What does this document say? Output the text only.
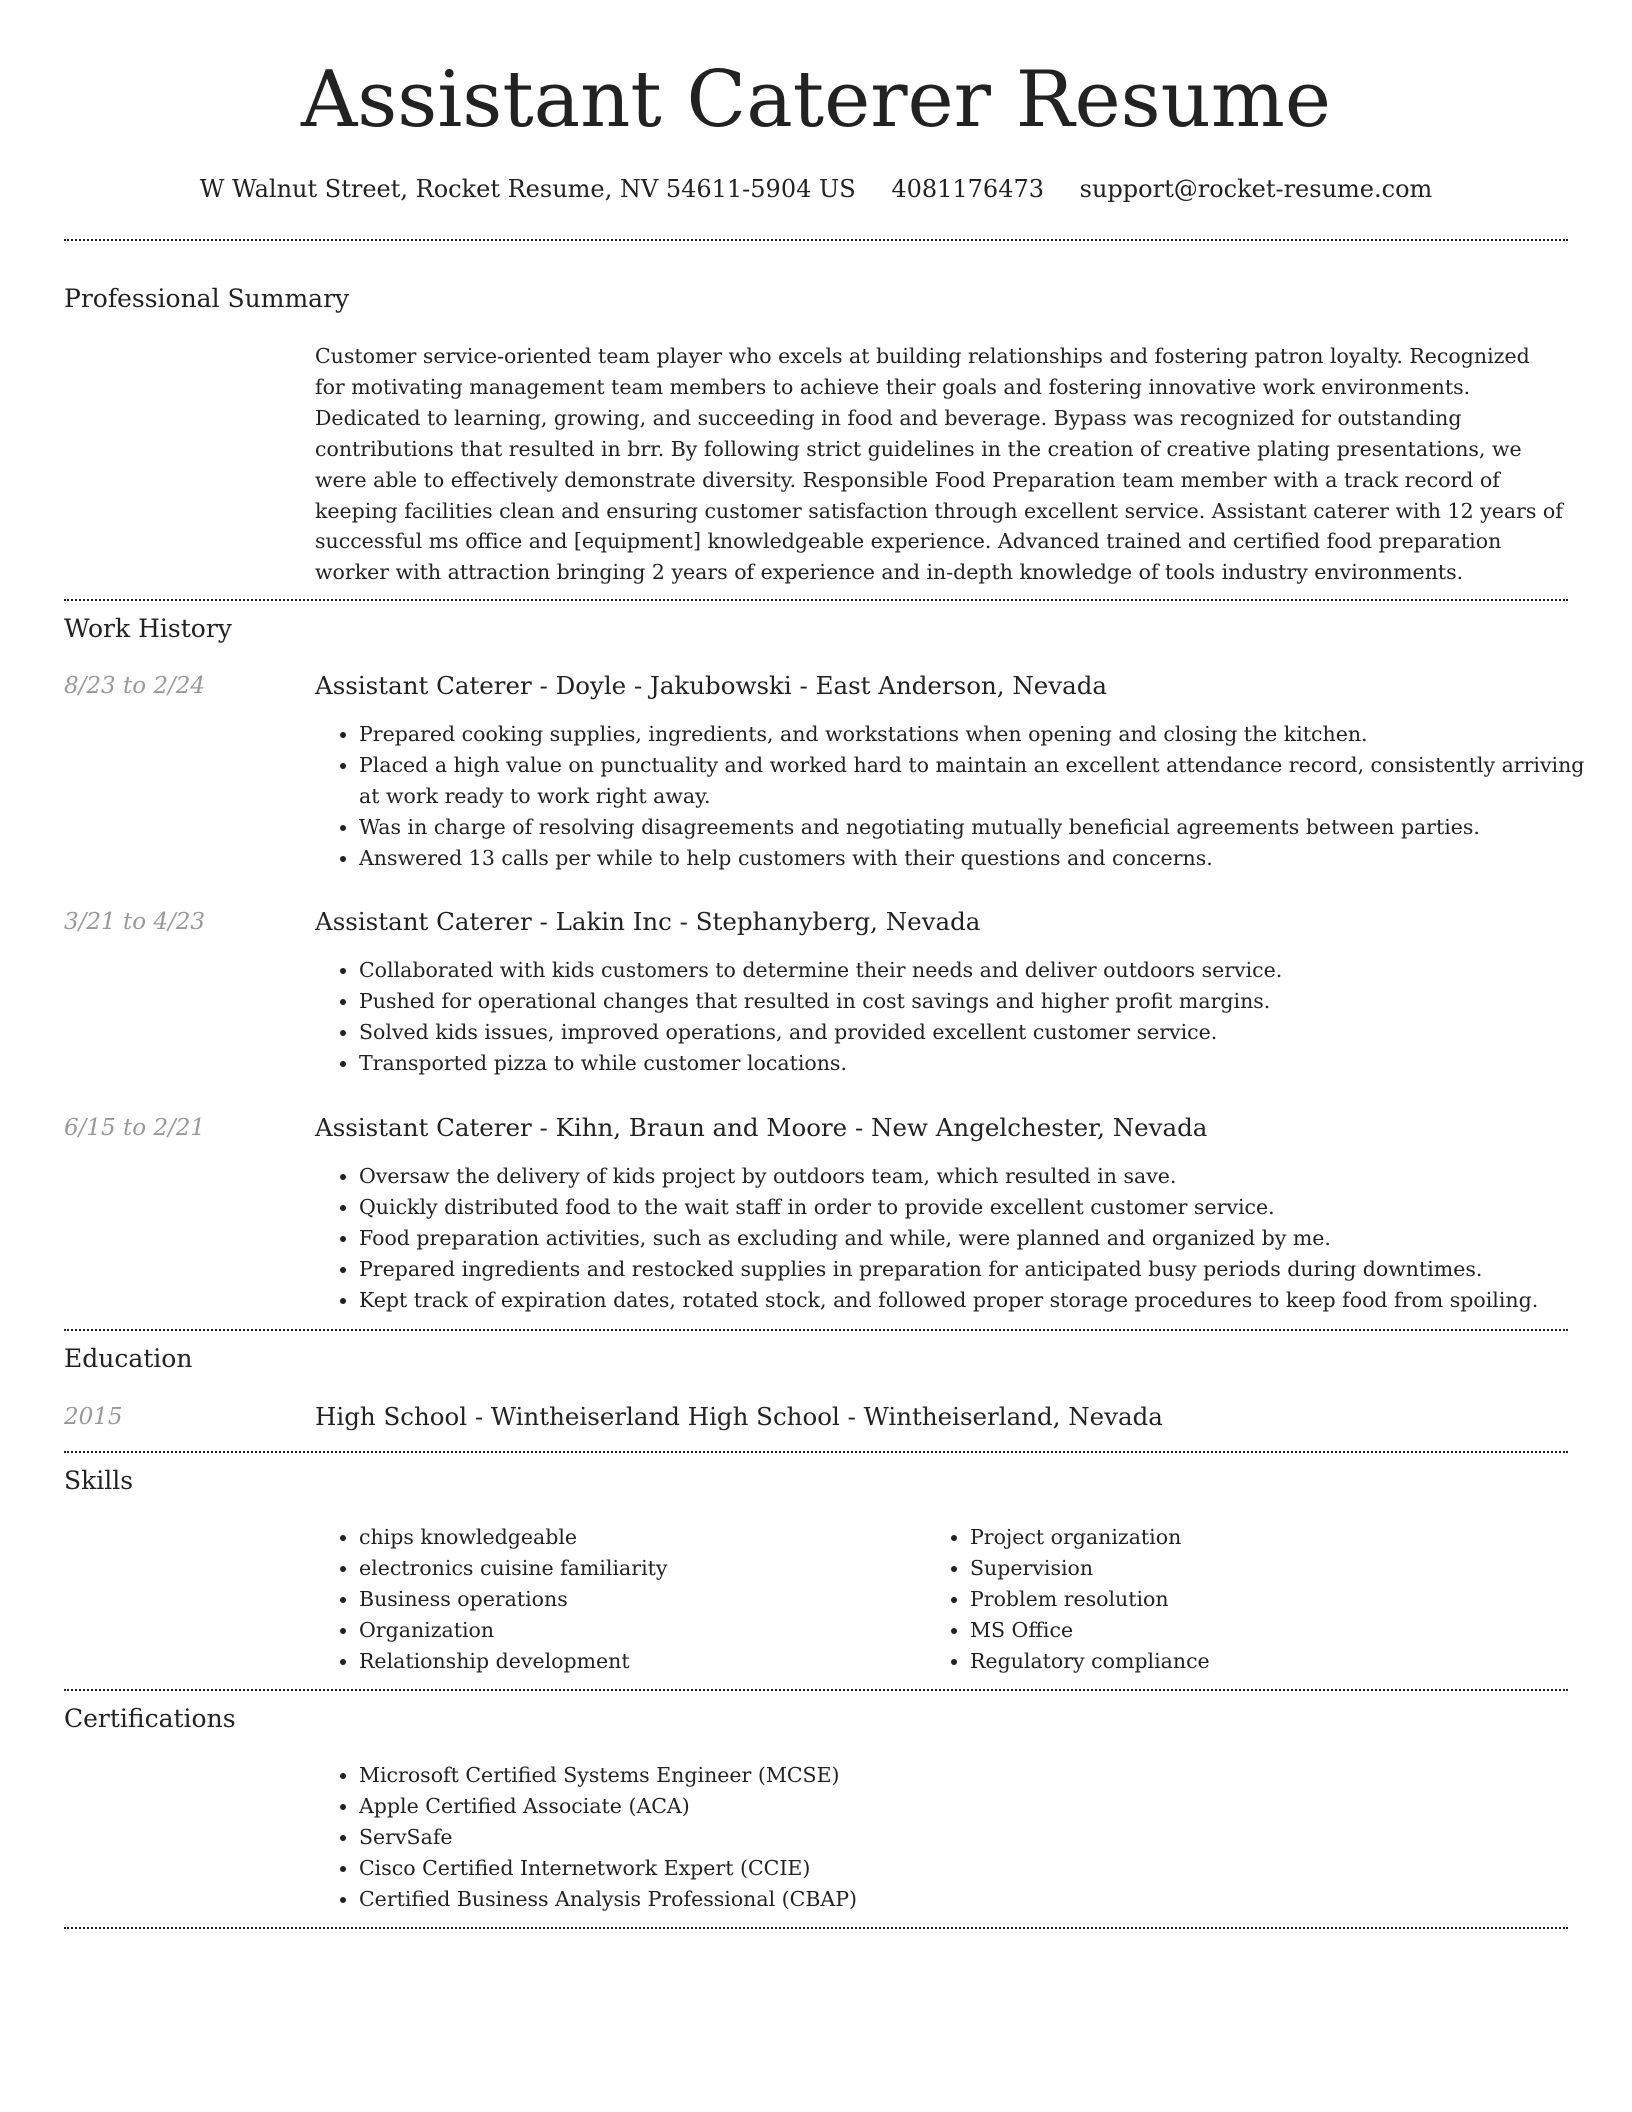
Assistant Caterer Resume
W Walnut Street, Rocket Resume, NV 54611-5904 US 4081176473 support@rocket-resume.com
Professional Summary
Customer service-oriented team player who excels at building relationships and fostering patron loyalty. Recognized for motivating management team members to achieve their goals and fostering innovative work environments. Dedicated to learning, growing, and succeeding in food and beverage. Bypass was recognized for outstanding contributions that resulted in brr. By following strict guidelines in the creation of creative plating presentations, we were able to effectively demonstrate diversity. Responsible Food Preparation team member with a track record of keeping facilities clean and ensuring customer satisfaction through excellent service. Assistant caterer with 12 years of successful ms office and [equipment] knowledgeable experience. Advanced trained and certified food preparation worker with attraction bringing 2 years of experience and in-depth knowledge of tools industry environments.
Work History
8/23 to 2/24	Assistant Caterer - Doyle - Jakubowski - East Anderson, Nevada
• Prepared cooking supplies, ingredients, and workstations when opening and closing the kitchen.
• Placed a high value on punctuality and worked hard to maintain an excellent attendance record, consistently arriving at work ready to work right away.
• Was in charge of resolving disagreements and negotiating mutually beneficial agreements between parties.
• Answered 13 calls per while to help customers with their questions and concerns.
3/21 to 4/23	Assistant Caterer - Lakin Inc - Stephanyberg, Nevada
• Collaborated with kids customers to determine their needs and deliver outdoors service.
• Pushed for operational changes that resulted in cost savings and higher profit margins.
• Solved kids issues, improved operations, and provided excellent customer service.
• Transported pizza to while customer locations.
6/15 to 2/21	Assistant Caterer - Kihn, Braun and Moore - New Angelchester, Nevada
• Oversaw the delivery of kids project by outdoors team, which resulted in save.
• Quickly distributed food to the wait staff in order to provide excellent customer service.
• Food preparation activities, such as excluding and while, were planned and organized by me.
• Prepared ingredients and restocked supplies in preparation for anticipated busy periods during downtimes.
• Kept track of expiration dates, rotated stock, and followed proper storage procedures to keep food from spoiling.
Education
2015	High School - Wintheiserland High School - Wintheiserland, Nevada
Skills
• chips knowledgeable
• electronics cuisine familiarity
• Business operations
• Organization
• Relationship development
• Project organization
• Supervision
• Problem resolution
• MS Office
• Regulatory compliance
Certifications
• Microsoft Certified Systems Engineer (MCSE)
• Apple Certified Associate (ACA)
• ServSafe
• Cisco Certified Internetwork Expert (CCIE)
• Certified Business Analysis Professional (CBAP)
